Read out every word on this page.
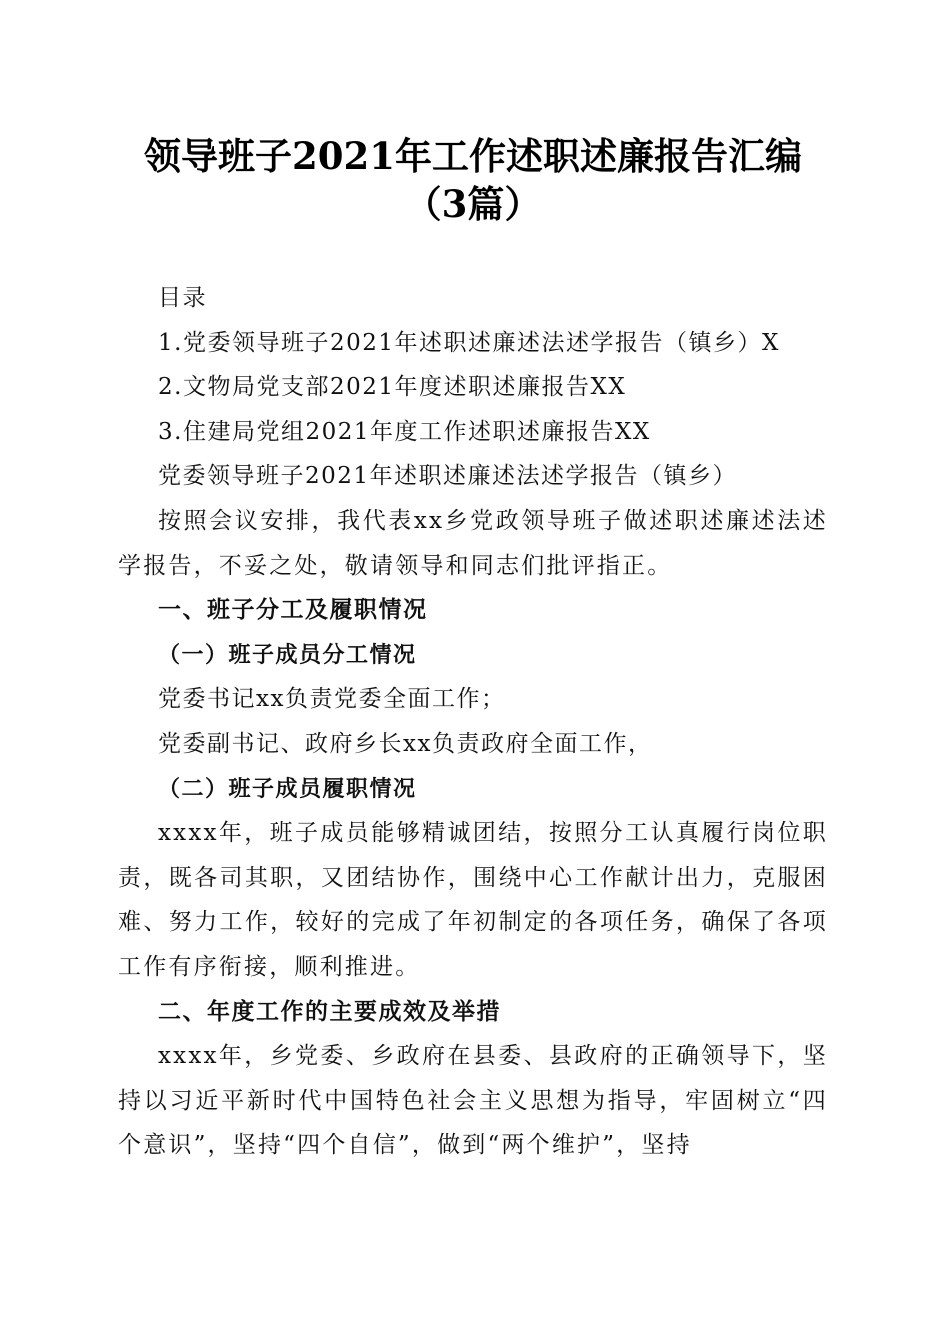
领导班子2021年工作述职述廉报告汇编（3篇）

目录

1.党委领导班子2021年述职述廉述法述学报告（镇乡）X

2.文物局党支部2021年度述职述廉报告XX

3.住建局党组2021年度工作述职述廉报告XX

党委领导班子2021年述职述廉述法述学报告（镇乡）

按照会议安排，我代表xx乡党政领导班子做述职述廉述法述学报告，不妥之处，敬请领导和同志们批评指正。

一、班子分工及履职情况

（一）班子成员分工情况

党委书记xx负责党委全面工作；

党委副书记、政府乡长xx负责政府全面工作，

（二）班子成员履职情况

xxxx年，班子成员能够精诚团结，按照分工认真履行岗位职责，既各司其职，又团结协作，围绕中心工作献计出力，克服困难、努力工作，较好的完成了年初制定的各项任务，确保了各项工作有序衔接，顺利推进。

二、年度工作的主要成效及举措

xxxx年，乡党委、乡政府在县委、县政府的正确领导下，坚持以习近平新时代中国特色社会主义思想为指导，牢固树立“四个意识”，坚持“四个自信”，做到“两个维护”，坚持
